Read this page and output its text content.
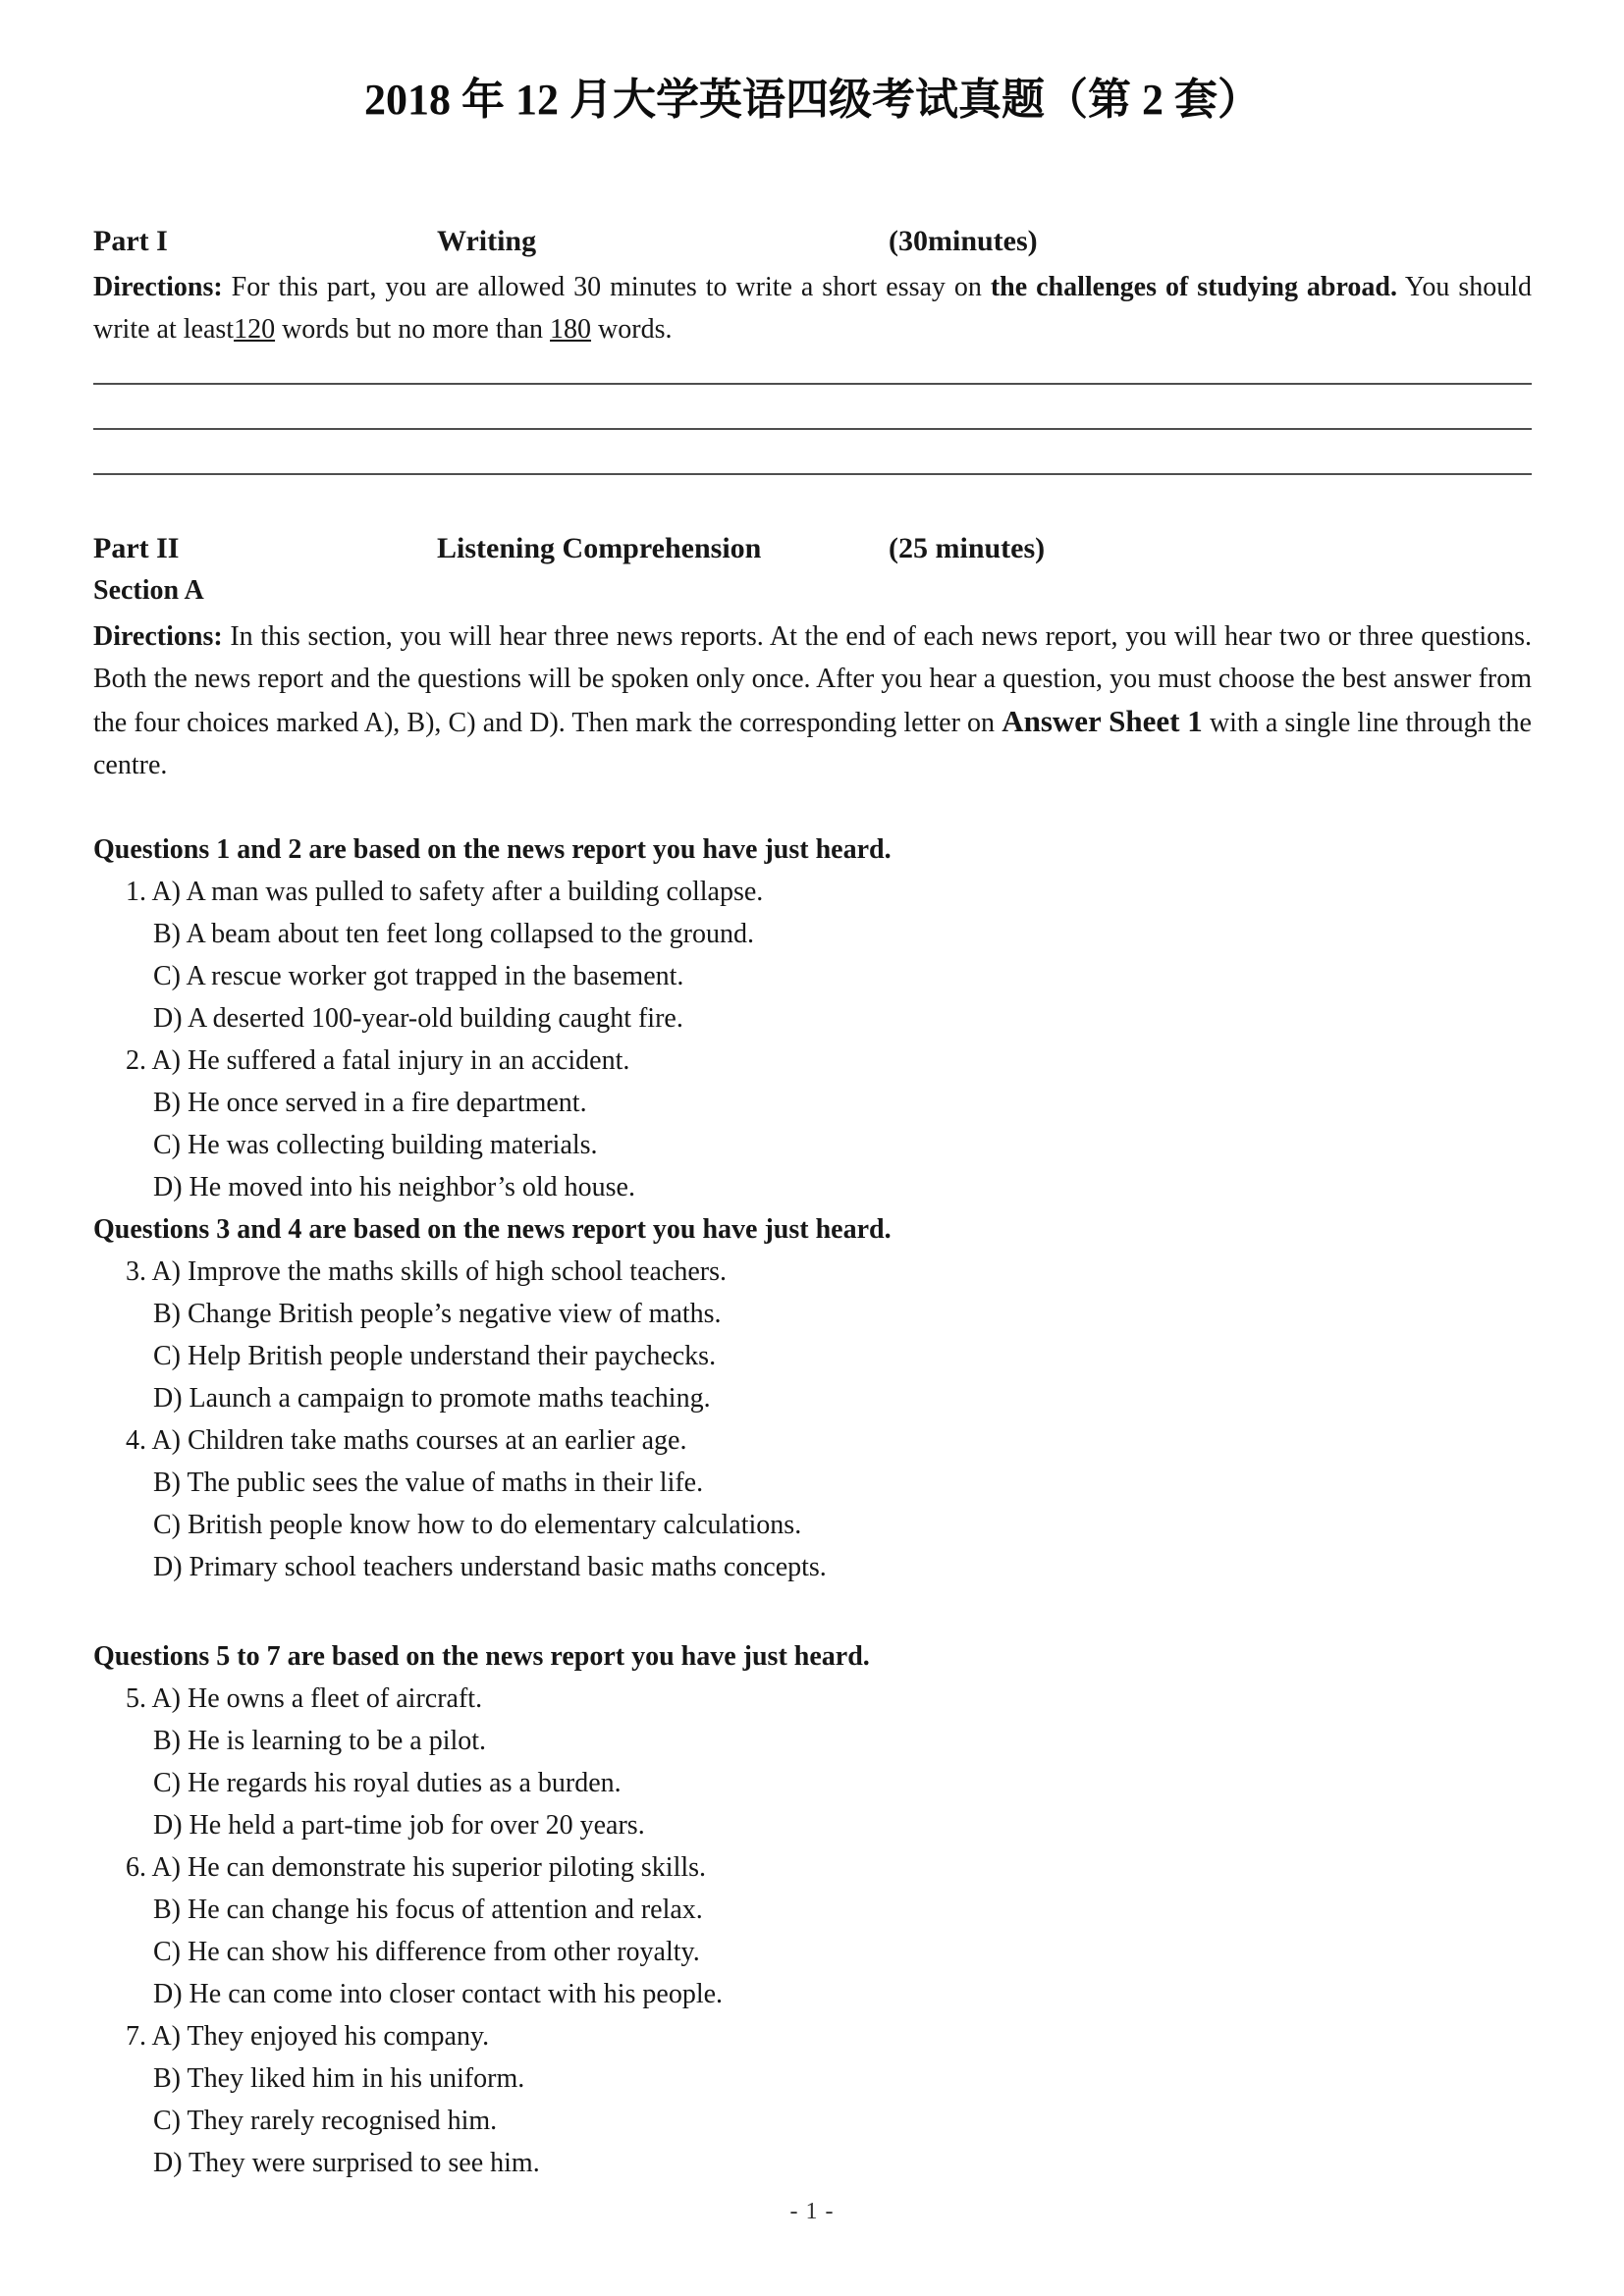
2018 年 12 月大学英语四级考试真题（第 2 套）
Part I	Writing	(30minutes)

Directions: For this part, you are allowed 30 minutes to write a short essay on the challenges of studying abroad. You should write at least120 words but no more than 180 words.

Part II	Listening Comprehension	(25 minutes)
Section A

Directions: In this section, you will hear three news reports. At the end of each news report, you will hear two or three questions. Both the news report and the questions will be spoken only once. After you hear a question, you must choose the best answer from the four choices marked A), B), C) and D). Then mark the corresponding letter on Answer Sheet 1 with a single line through the centre.

Questions 1 and 2 are based on the news report you have just heard.
1. A) A man was pulled to safety after a building collapse.
B) A beam about ten feet long collapsed to the ground.
C) A rescue worker got trapped in the basement.
D) A deserted 100-year-old building caught fire.
2. A) He suffered a fatal injury in an accident.
B) He once served in a fire department.
C) He was collecting building materials.
D) He moved into his neighbor’s old house.
Questions 3 and 4 are based on the news report you have just heard.
3. A) Improve the maths skills of high school teachers.
B) Change British people’s negative view of maths.
C) Help British people understand their paychecks.
D) Launch a campaign to promote maths teaching.
4. A) Children take maths courses at an earlier age.
B) The public sees the value of maths in their life.
C) British people know how to do elementary calculations.
D) Primary school teachers understand basic maths concepts.
Questions 5 to 7 are based on the news report you have just heard.
5. A) He owns a fleet of aircraft.
B) He is learning to be a pilot.
C) He regards his royal duties as a burden.
D) He held a part-time job for over 20 years.
6. A) He can demonstrate his superior piloting skills.
B) He can change his focus of attention and relax.
C) He can show his difference from other royalty.
D) He can come into closer contact with his people.
7. A) They enjoyed his company.
B) They liked him in his uniform.
C) They rarely recognised him.
D) They were surprised to see him.
- 1 -
